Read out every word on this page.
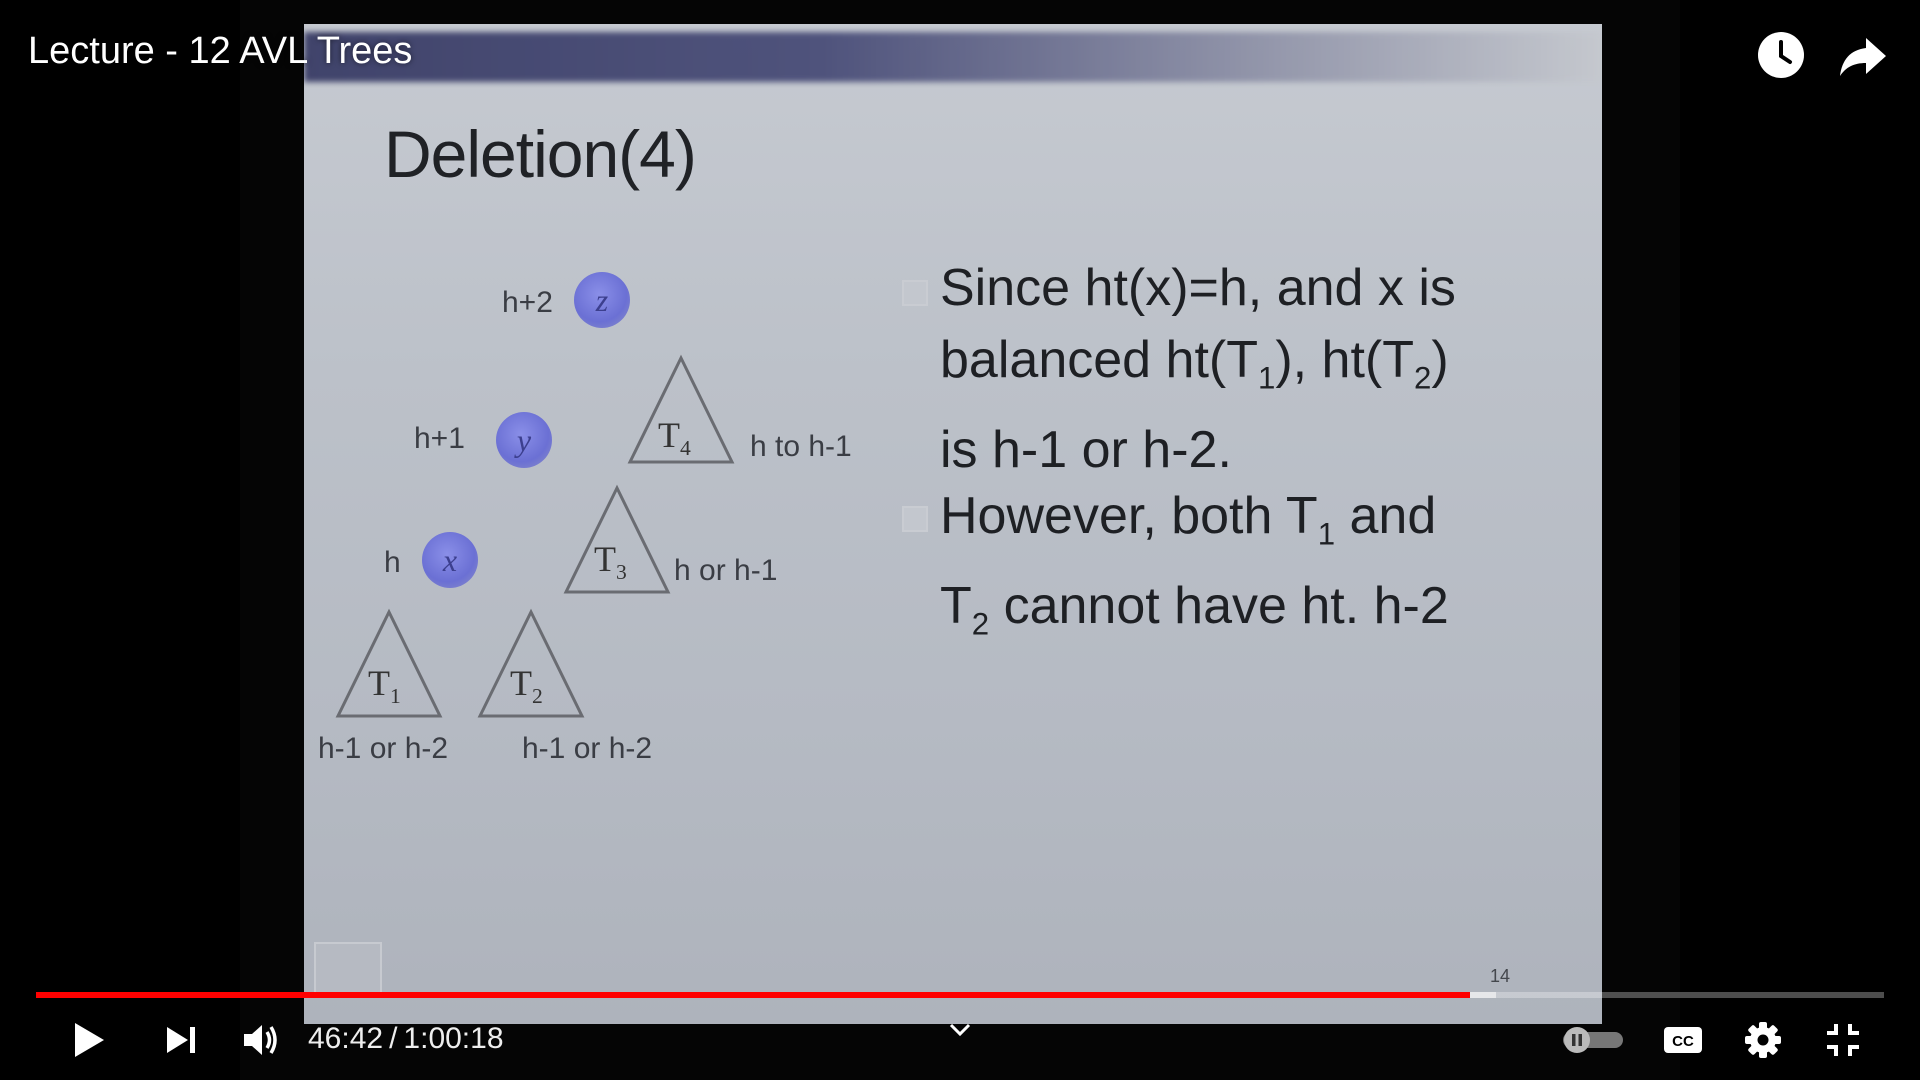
Deletion(4)
h+2	z
h+1	y	$T_4$ h to h-1
h	x	$T_3$ h or h-1
$T_1$	$T_2$
h-1 or h-2 h-1 or h-2
Since ht(x)=h, and x is
balanced $ht(T_1)$, $ht(T_2)$
is h-1 or h-2.
However, both $T_1$ and
$T_2$ cannot have ht. h-2
14
Lecture - 12 AVL Trees
46:42 / 1:00:18	CC
